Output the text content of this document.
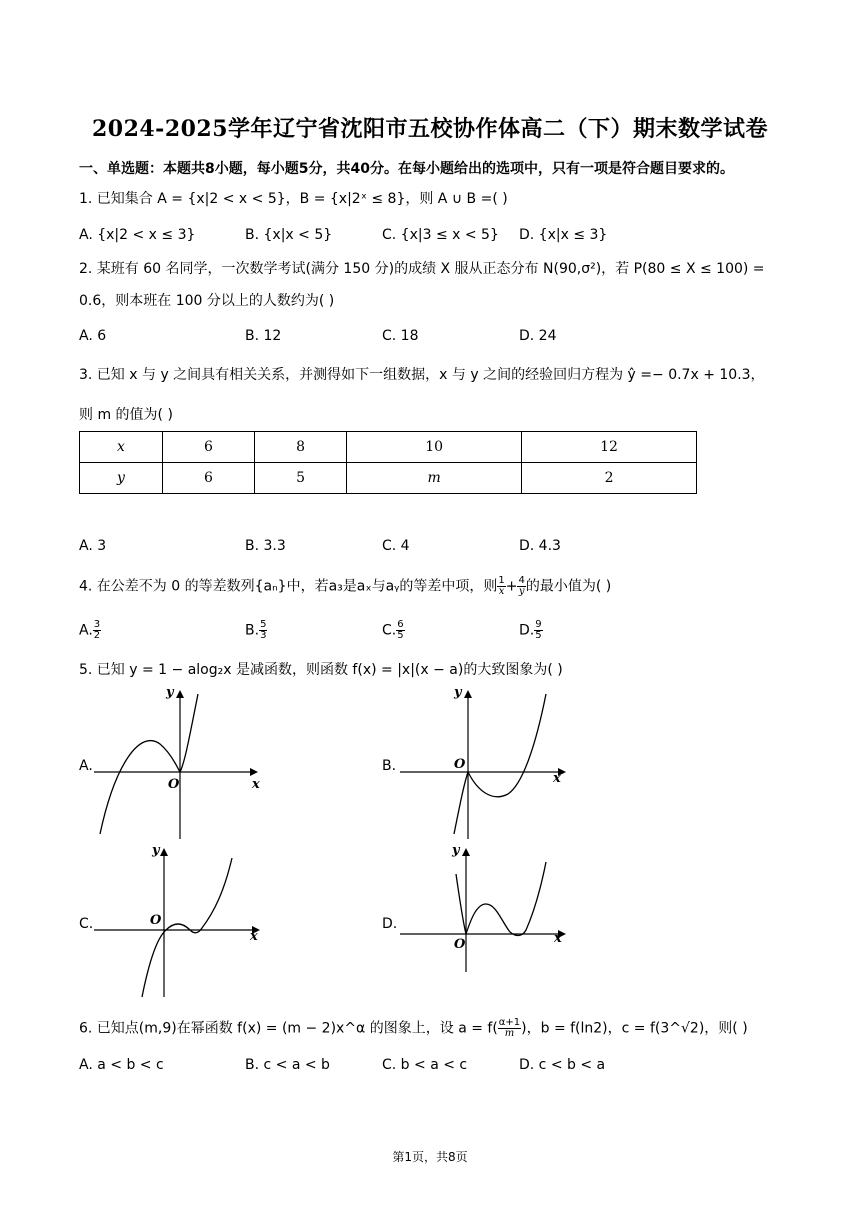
2024-2025学年辽宁省沈阳市五校协作体高二（下）期末数学试卷
一、单选题：本题共8小题，每小题5分，共40分。在每小题给出的选项中，只有一项是符合题目要求的。
1. 已知集合 A = {x|2 < x < 5}，B = {x|2ˣ ≤ 8}，则 A ∪ B =( )
A. {x|2 < x ≤ 3}	B. {x|x < 5}	C. {x|3 ≤ x < 5} D. {x|x ≤ 3}
2. 某班有 60 名同学，一次数学考试(满分 150 分)的成绩 X 服从正态分布 N(90,σ²)，若 P(80 ≤ X ≤ 100) =
0.6，则本班在 100 分以上的人数约为( )
A. 6	B. 12	C. 18	D. 24
3. 已知 x 与 y 之间具有相关关系，并测得如下一组数据，x 与 y 之间的经验回归方程为 ŷ =− 0.7x + 10.3，
则 m 的值为( )
x	6	8	10	12
y	6	5	m	2
A. 3	B. 3.3	C. 4	D. 4.3
4. 在公差不为 0 的等差数列{aₙ}中，若a₃是aₓ与aᵧ的等差中项，则 $\frac{1}{x} + \frac{4}{y}$ 的最小值为( )
A. $\frac{3}{2}$	B. $\frac{5}{3}$	C. $\frac{6}{5}$	D. $\frac{9}{5}$
5. 已知 y = 1 − alog₂x 是减函数，则函数 f(x) = |x|(x − a)的大致图象为( )
A.
y
x
O
B.
y
x
O
C.
y
x
O	D.
y
x
O
6. 已知点(m,9)在幂函数 f(x) = (m − 2)x^α 的图象上，设 $a = f( \frac{\alpha+1}{m}$ )，b = f(ln2)，c = f(3^√2)，则( )
A. a < b < c	B. c < a < b	C. b < a < c	D. c < b < a
第1页，共8页
